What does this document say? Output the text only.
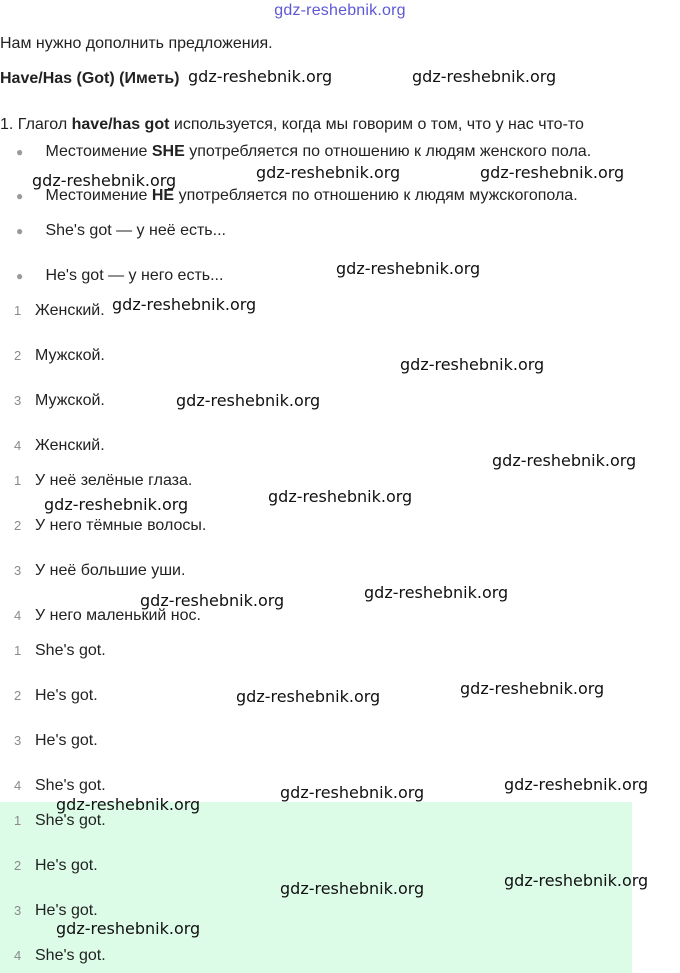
gdz-reshebnik.org
Нам нужно дополнить предложения.
Have/Has (Got) (Иметь)
1. Глагол have/has got используется, когда мы говорим о том, что у нас что-то
● Местоимение SHE употребляется по отношению к людям женского пола.
● Местоимение HE употребляется по отношению к людям мужскогопола.
● She's got — у неё есть...
● He's got — у него есть...
1 Женский.
2 Мужской.
3 Мужской.
4 Женский.
1 У неё зелёные глаза.
2 У него тёмные волосы.
3 У неё большие уши.
4 У него маленький нос.
1 She's got.
2 He's got.
3 He's got.
4 She's got.
1 She's got.
2 He's got.
3 He's got.
4 She's got.
gdz-reshebnik.org	gdz-reshebnik.org
gdz-reshebnik.org	gdz-reshebnik.org
gdz-reshebnik.org
gdz-reshebnik.org
gdz-reshebnik.org
gdz-reshebnik.org
gdz-reshebnik.org
gdz-reshebnik.org
gdz-reshebnik.org
gdz-reshebnik.org
gdz-reshebnik.org
gdz-reshebnik.org
gdz-reshebnik.org
gdz-reshebnik.org
gdz-reshebnik.org
gdz-reshebnik.org
gdz-reshebnik.org
gdz-reshebnik.org
gdz-reshebnik.org
gdz-reshebnik.org
